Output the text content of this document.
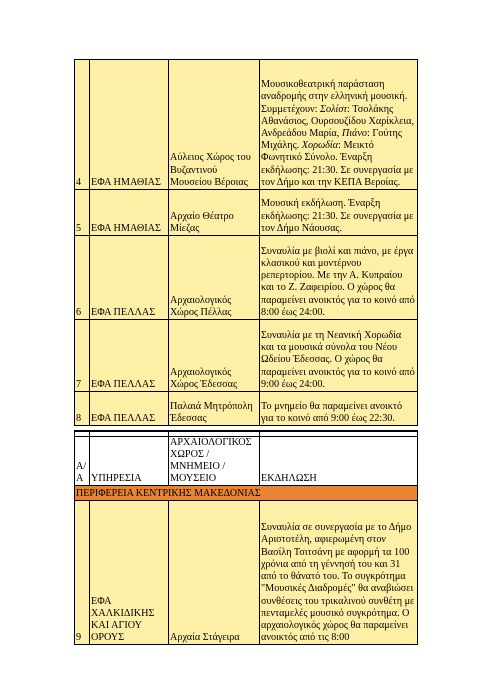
4	ΕΦΑ ΗΜΑΘΙΑΣ	Αύλειος Χώρος του Βυζαντινού Μουσείου Βέροιας	Μουσικοθεατρική παράσταση αναδρομής στην ελληνική μουσική. Συμμετέχουν: Σολίστ: Τσολάκης Αθανάσιος, Ουρσουζίδου Χαρίκλεια, Ανδρεάδου Μαρία, Πιάνο: Γούτης Μιχάλης. Χορωδία: Μεικτό Φωνητικό Σύνολο. Έναρξη εκδήλωσης: 21:30. Σε συνεργασία με τον Δήμο και την ΚΕΠΑ Βεροίας.
5	ΕΦΑ ΗΜΑΘΙΑΣ	Αρχαίο Θέατρο Μίεζας	Μουσική εκδήλωση. Έναρξη εκδήλωσης: 21:30. Σε συνεργασία με τον Δήμο Νάουσας.
6	ΕΦΑ ΠΕΛΛΑΣ	Αρχαιολογικός Χώρος Πέλλας	Συναυλία με βιολί και πιάνο, με έργα κλασικού και μοντέρνου ρεπερτορίου. Με την Α. Κυπραίου και το Ζ. Ζαφειρίου. Ο χώρος θα παραμείνει ανοικτός για το κοινό από 8:00 έως 24:00.
7	ΕΦΑ ΠΕΛΛΑΣ	Αρχαιολογικός Χώρος Έδεσσας	Συναυλία με τη Νεανική Χορωδία και τα μουσικά σύνολα του Νέου Ωδείου Έδεσσας. Ο χώρος θα παραμείνει ανοικτός για το κοινό από 9:00 έως 24:00.
8	ΕΦΑ ΠΕΛΛΑΣ	Παλαιά Μητρόπολη Έδεσσας	Το μνημείο θα παραμείνει ανοικτό για το κοινό από 9:00 έως 22:30.

Α/Α	ΥΠΗΡΕΣΙΑ	ΑΡΧΑΙΟΛΟΓΙΚΟΣ ΧΩΡΟΣ / ΜΝΗΜΕΙΟ / ΜΟΥΣΕΙΟ	ΕΚΔΗΛΩΣΗ
ΠΕΡΙΦΕΡΕΙΑ ΚΕΝΤΡΙΚΗΣ ΜΑΚΕΔΟΝΙΑΣ			
9	ΕΦΑ ΧΑΛΚΙΔΙΚΗΣ ΚΑΙ ΑΓΙΟΥ ΟΡΟΥΣ	Αρχαία Στάγειρα	Συναυλία σε συνεργασία με το Δήμο Αριστοτέλη, αφιερωμένη στον Βασίλη Τσιτσάνη με αφορμή τα 100 χρόνια από τη γέννησή του και 31 από το θάνατό του. Το συγκρότημα "Μουσικές Διαδρομές" θα αναβιώσει συνθέσεις του τρικαλινού συνθέτη με πενταμελές μουσικό συγκρότημα. Ο αρχαιολογικός χώρος θα παραμείνει ανοικτός από τις 8:00
